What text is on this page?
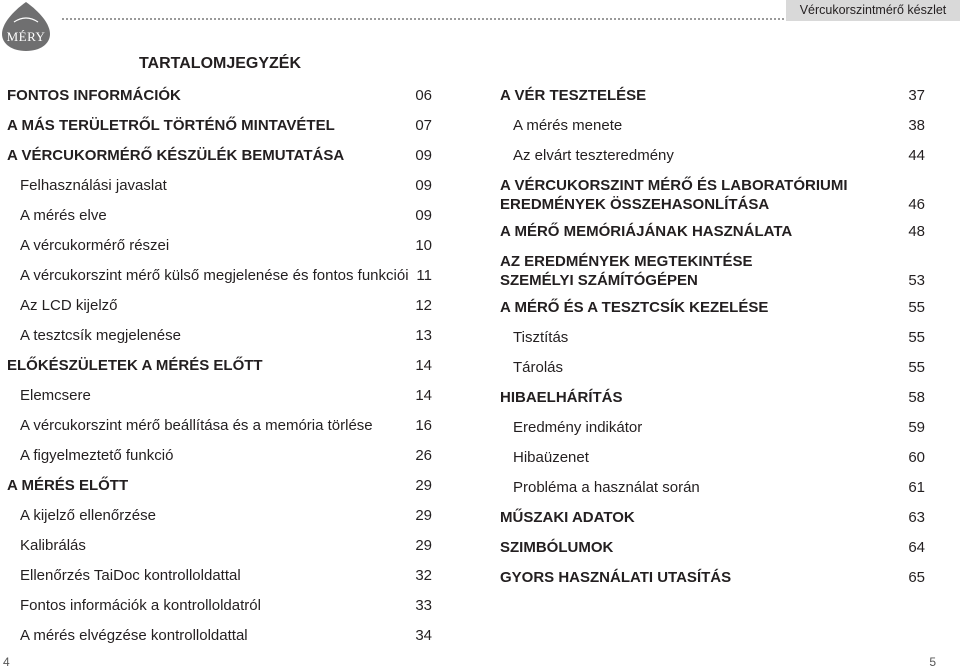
MÉRY
Vércukorszintmérő készlet
TARTALOMJEGYZÉK
FONTOS INFORMÁCIÓK	06
A MÁS TERÜLETRŐL TÖRTÉNŐ MINTAVÉTEL	07
A VÉRCUKORMÉRŐ KÉSZÜLÉK BEMUTATÁSA	09
Felhasználási javaslat	09
A mérés elve	09
A vércukormérő részei	10
A vércukorszint mérő külső megjelenése és fontos funkciói 11
Az LCD kijelző	12
A tesztcsík megjelenése	13
ELŐKÉSZÜLETEK A MÉRÉS ELŐTT	14
Elemcsere	14
A vércukorszint mérő beállítása és a memória törlése	16
A figyelmeztető funkció	26
A MÉRÉS ELŐTT	29
A kijelző ellenőrzése	29
Kalibrálás	29
Ellenőrzés TaiDoc kontrolloldattal	32
Fontos információk a kontrolloldatról	33
A mérés elvégzése kontrolloldattal	34
A VÉR TESZTELÉSE	37
A mérés menete	38
Az elvárt teszteredmény	44
A VÉRCUKORSZINT MÉRŐ ÉS LABORATÓRIUMI
EREDMÉNYEK ÖSSZEHASONLÍTÁSA	46
A MÉRŐ MEMÓRIÁJÁNAK HASZNÁLATA	48
AZ EREDMÉNYEK MEGTEKINTÉSE
SZEMÉLYI SZÁMÍTÓGÉPEN	53
A MÉRŐ ÉS A TESZTCSÍK KEZELÉSE	55
Tisztítás	55
Tárolás	55
HIBAELHÁRÍTÁS	58
Eredmény indikátor	59
Hibaüzenet	60
Probléma a használat során	61
MŰSZAKI ADATOK	63
SZIMBÓLUMOK	64
GYORS HASZNÁLATI UTASÍTÁS	65
4	5
